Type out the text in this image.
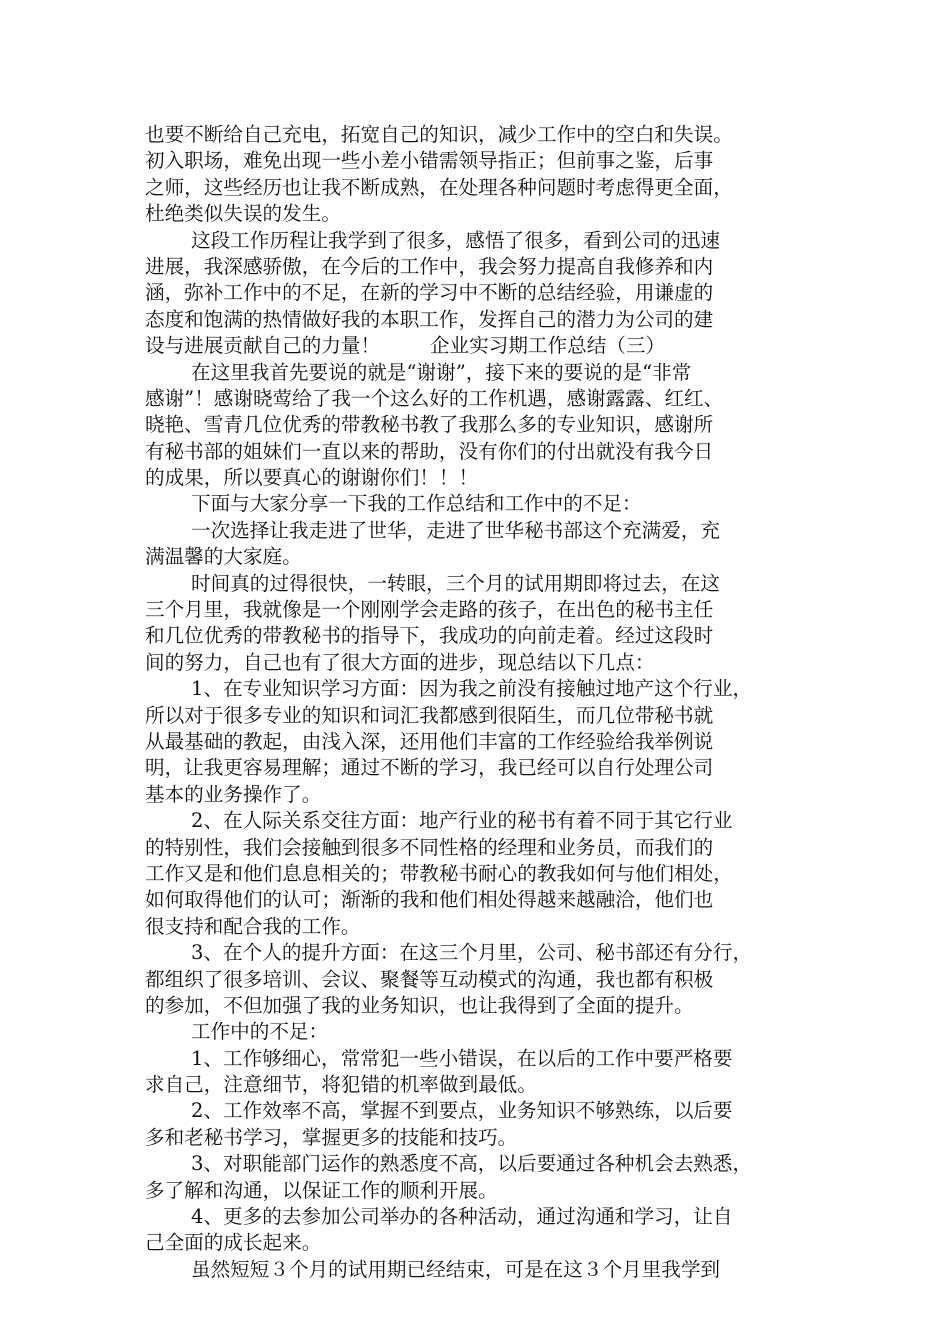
也要不断给自己充电，拓宽自己的知识，减少工作中的空白和失误。
初入职场，难免出现一些小差小错需领导指正；但前事之鉴，后事
之师，这些经历也让我不断成熟，在处理各种问题时考虑得更全面，
杜绝类似失误的发生。
这段工作历程让我学到了很多，感悟了很多，看到公司的迅速
进展，我深感骄傲，在今后的工作中，我会努力提高自我修养和内
涵，弥补工作中的不足，在新的学习中不断的总结经验，用谦虚的
态度和饱满的热情做好我的本职工作，发挥自己的潜力为公司的建
设与进展贡献自己的力量！        企业实习期工作总结（三）
在这里我首先要说的就是“谢谢”，接下来的要说的是“非常
感谢”！感谢晓莺给了我一个这么好的工作机遇，感谢露露、红红、
晓艳、雪青几位优秀的带教秘书教了我那么多的专业知识，感谢所
有秘书部的姐妹们一直以来的帮助，没有你们的付出就没有我今日
的成果，所以要真心的谢谢你们！！！
下面与大家分享一下我的工作总结和工作中的不足：
一次选择让我走进了世华，走进了世华秘书部这个充满爱，充
满温馨的大家庭。
时间真的过得很快，一转眼，三个月的试用期即将过去，在这
三个月里，我就像是一个刚刚学会走路的孩子，在出色的秘书主任
和几位优秀的带教秘书的指导下，我成功的向前走着。经过这段时
间的努力，自己也有了很大方面的进步，现总结以下几点：
1、在专业知识学习方面：因为我之前没有接触过地产这个行业，
所以对于很多专业的知识和词汇我都感到很陌生，而几位带秘书就
从最基础的教起，由浅入深，还用他们丰富的工作经验给我举例说
明，让我更容易理解；通过不断的学习，我已经可以自行处理公司
基本的业务操作了。
2、在人际关系交往方面：地产行业的秘书有着不同于其它行业
的特别性，我们会接触到很多不同性格的经理和业务员，而我们的
工作又是和他们息息相关的；带教秘书耐心的教我如何与他们相处，
如何取得他们的认可；渐渐的我和他们相处得越来越融洽，他们也
很支持和配合我的工作。
3、在个人的提升方面：在这三个月里，公司、秘书部还有分行，
都组织了很多培训、会议、聚餐等互动模式的沟通，我也都有积极
的参加，不但加强了我的业务知识，也让我得到了全面的提升。
工作中的不足：
1、工作够细心，常常犯一些小错误，在以后的工作中要严格要
求自己，注意细节，将犯错的机率做到最低。
2、工作效率不高，掌握不到要点，业务知识不够熟练，以后要
多和老秘书学习，掌握更多的技能和技巧。
3、对职能部门运作的熟悉度不高，以后要通过各种机会去熟悉，
多了解和沟通，以保证工作的顺利开展。
4、更多的去参加公司举办的各种活动，通过沟通和学习，让自
己全面的成长起来。
虽然短短３个月的试用期已经结束，可是在这３个月里我学到
